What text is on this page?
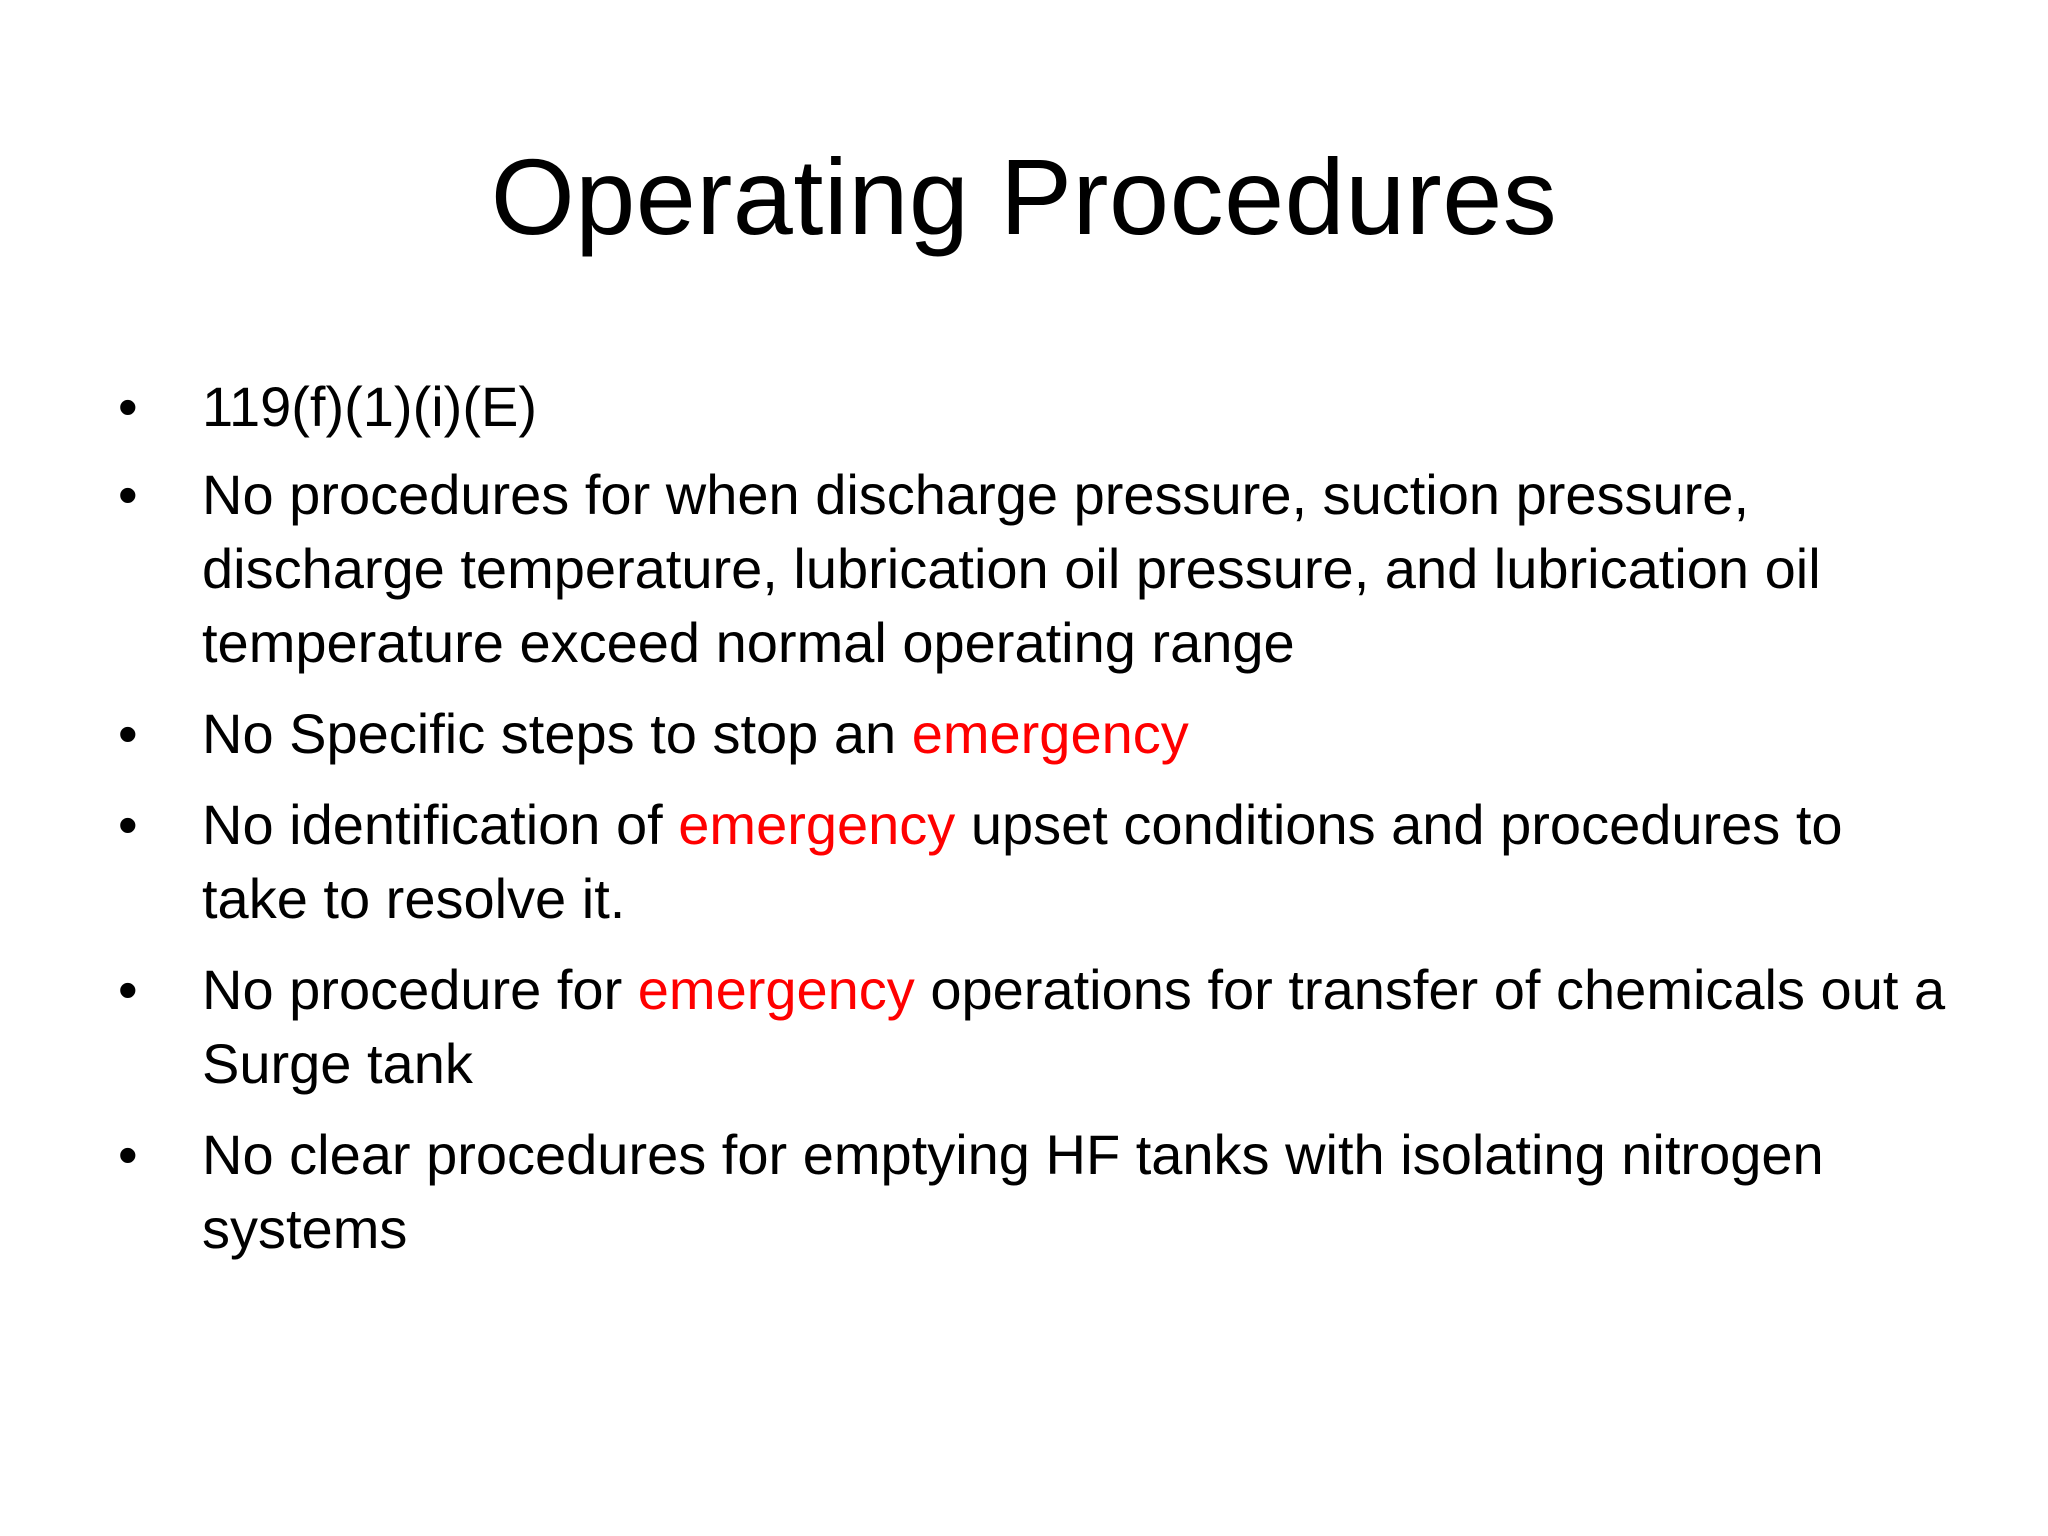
Operating Procedures
•	119(f)(1)(i)(E)
•	No procedures for when discharge pressure, suction pressure, discharge temperature, lubrication oil pressure, and lubrication oil temperature exceed normal operating range
•	No Specific steps to stop an emergency
•	No identification of emergency upset conditions and procedures to take to resolve it.
•	No procedure for emergency operations for transfer of chemicals out a Surge tank
•	No clear procedures for emptying HF tanks with isolating nitrogen systems
